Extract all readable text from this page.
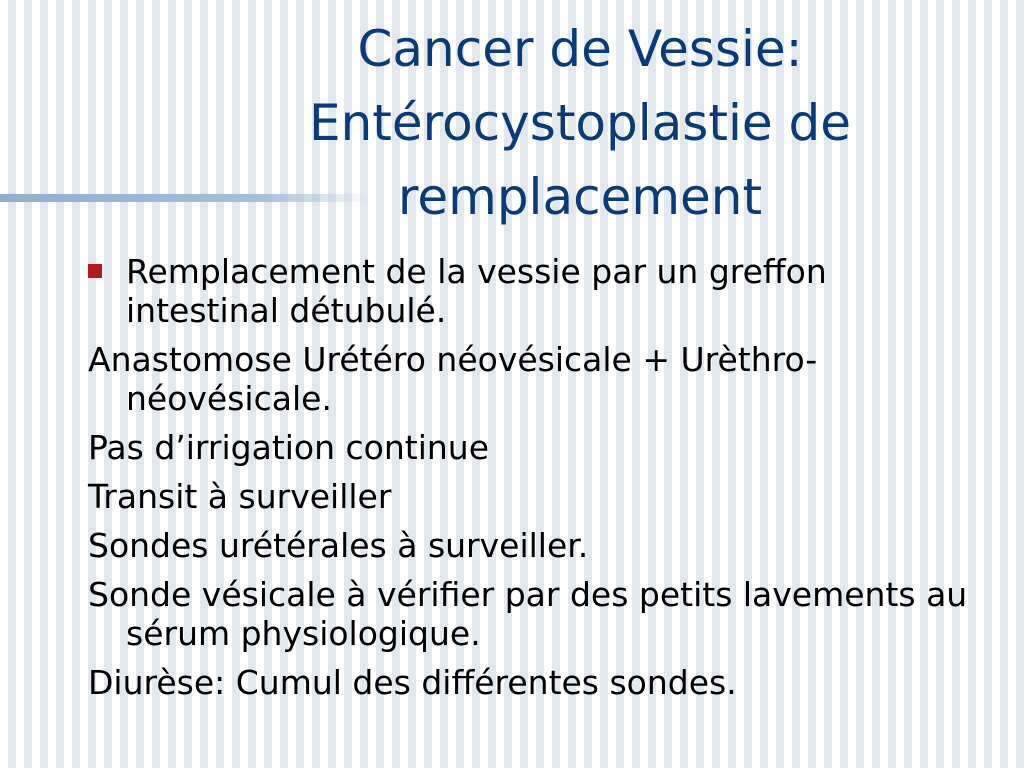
Cancer de Vessie:
Entérocystoplastie de
remplacement
Remplacement de la vessie par un greffon intestinal détubulé.
Anastomose Urétéro néovésicale + Urèthro-néovésicale.
Pas d’irrigation continue
Transit à surveiller
Sondes urétérales à surveiller.
Sonde vésicale à vérifier par des petits lavements au sérum physiologique.
Diurèse: Cumul des différentes sondes.
